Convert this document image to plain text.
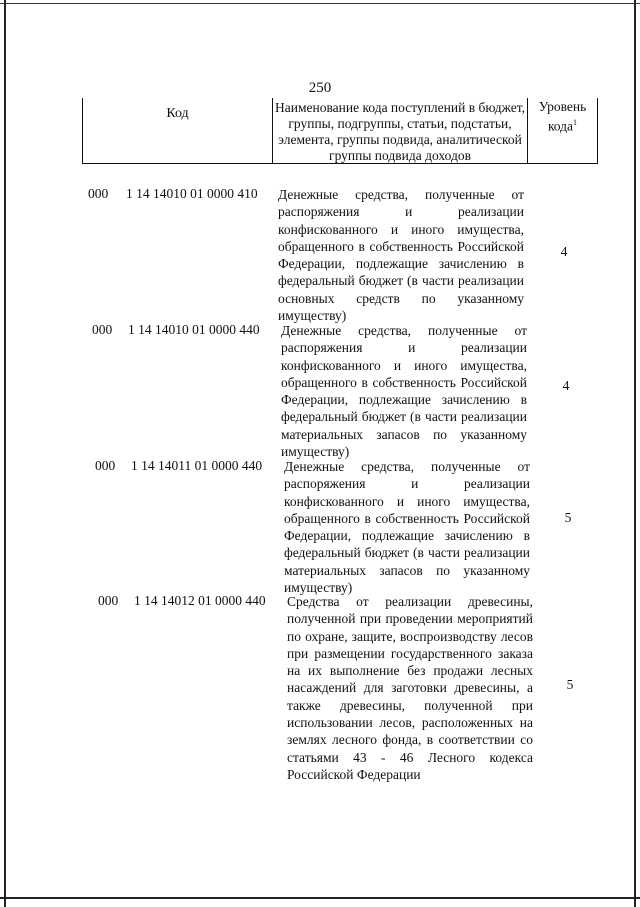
250
Код	Наименование кода поступлений в бюджет, группы, подгруппы, статьи, подстатьи, элемента, группы подвида, аналитической группы подвида доходов
Уровень кода$^1$
000 1 14 14010 01 0000 410 Денежные средства, полученные от распоряжения и реализации конфискованного и иного имущества, обращенного в собственность Российской Федерации, подлежащие зачислению в федеральный бюджет (в части реализации основных средств по указанному имуществу)
4
000 1 14 14010 01 0000 440 Денежные средства, полученные от распоряжения и реализации конфискованного и иного имущества, обращенного в собственность Российской Федерации, подлежащие зачислению в федеральный бюджет (в части реализации материальных запасов по указанному имуществу)
4
000 1 14 14011 01 0000 440 Денежные средства, полученные от распоряжения и реализации конфискованного и иного имущества, обращенного в собственность Российской Федерации, подлежащие зачислению в федеральный бюджет (в части реализации материальных запасов по указанному имуществу)
5
000 1 14 14012 01 0000 440 Средства от реализации древесины, полученной при проведении мероприятий по охране, защите, воспроизводству лесов при размещении государственного заказа на их выполнение без продажи лесных насаждений для заготовки древесины, а также древесины, полученной при использовании лесов, расположенных на землях лесного фонда, в соответствии со статьями 43 - 46 Лесного кодекса Российской Федерации
5
